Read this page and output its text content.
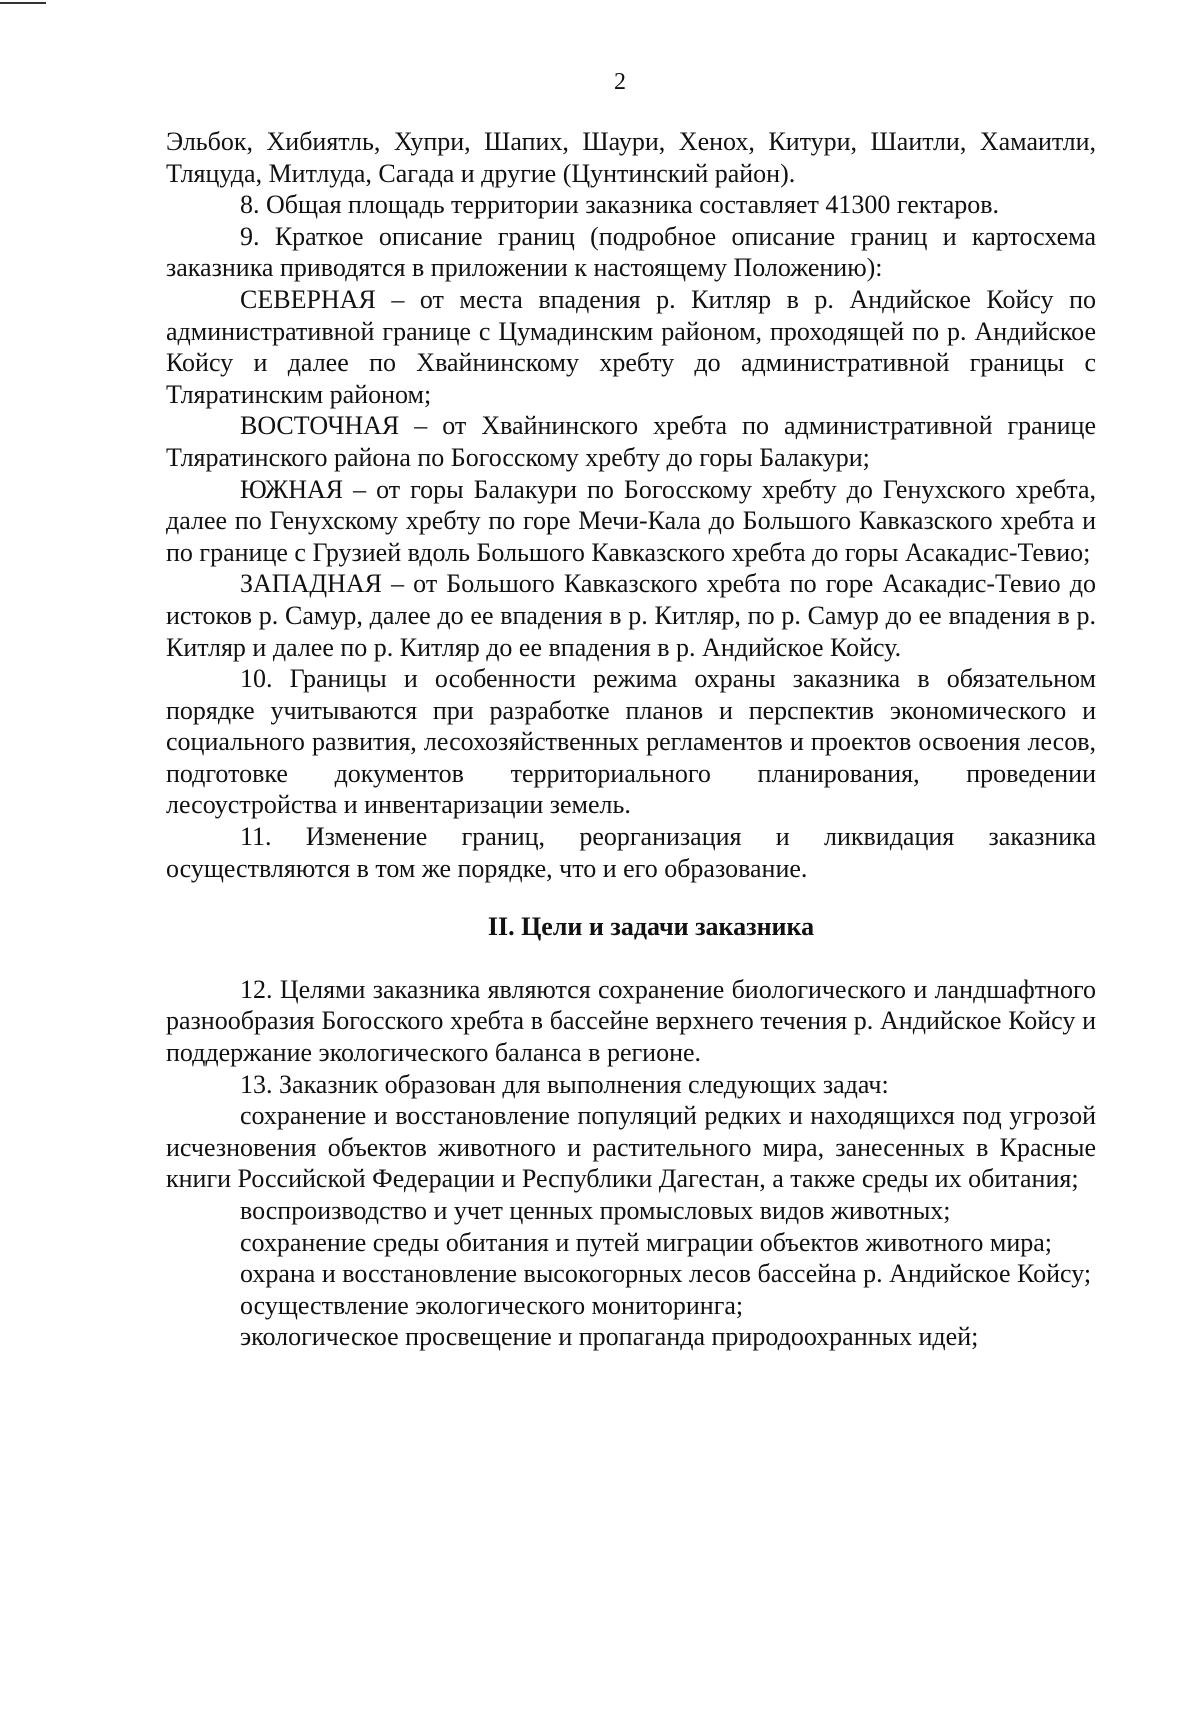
2

Эльбок, Хибиятль, Хупри, Шапих, Шаури, Хенох, Китури, Шаитли, Хамаитли, Тляцуда, Митлуда, Сагада и другие (Цунтинский район).

8. Общая площадь территории заказника составляет 41300 гектаров.

9. Краткое описание границ (подробное описание границ и картосхема заказника приводятся в приложении к настоящему Положению):

СЕВЕРНАЯ – от места впадения р. Китляр в р. Андийское Койсу по административной границе с Цумадинским районом, проходящей по р. Андийское Койсу и далее по Хвайнинскому хребту до административной границы с Тляратинским районом;

ВОСТОЧНАЯ – от Хвайнинского хребта по административной границе Тляратинского района по Богосскому хребту до горы Балакури;

ЮЖНАЯ – от горы Балакури по Богосскому хребту до Генухского хребта, далее по Генухскому хребту по горе Мечи-Кала до Большого Кавказского хребта и по границе с Грузией вдоль Большого Кавказского хребта до горы Асакадис-Тевио;

ЗАПАДНАЯ – от Большого Кавказского хребта по горе Асакадис-Тевио до истоков р. Самур, далее до ее впадения в р. Китляр, по р. Самур до ее впадения в р. Китляр и далее по р. Китляр до ее впадения в р. Андийское Койсу.

10. Границы и особенности режима охраны заказника в обязательном порядке учитываются при разработке планов и перспектив экономического и социального развития, лесохозяйственных регламентов и проектов освоения лесов, подготовке документов территориального планирования, проведении лесоустройства и инвентаризации земель.

11. Изменение границ, реорганизация и ликвидация заказника осуществляются в том же порядке, что и его образование.

II. Цели и задачи заказника

12. Целями заказника являются сохранение биологического и ландшафтного разнообразия Богосского хребта в бассейне верхнего течения р. Андийское Койсу и поддержание экологического баланса в регионе.

13. Заказник образован для выполнения следующих задач:

сохранение и восстановление популяций редких и находящихся под угрозой исчезновения объектов животного и растительного мира, занесенных в Красные книги Российской Федерации и Республики Дагестан, а также среды их обитания;

воспроизводство и учет ценных промысловых видов животных;

сохранение среды обитания и путей миграции объектов животного мира;

охрана и восстановление высокогорных лесов бассейна р. Андийское Койсу;

осуществление экологического мониторинга;

экологическое просвещение и пропаганда природоохранных идей;
